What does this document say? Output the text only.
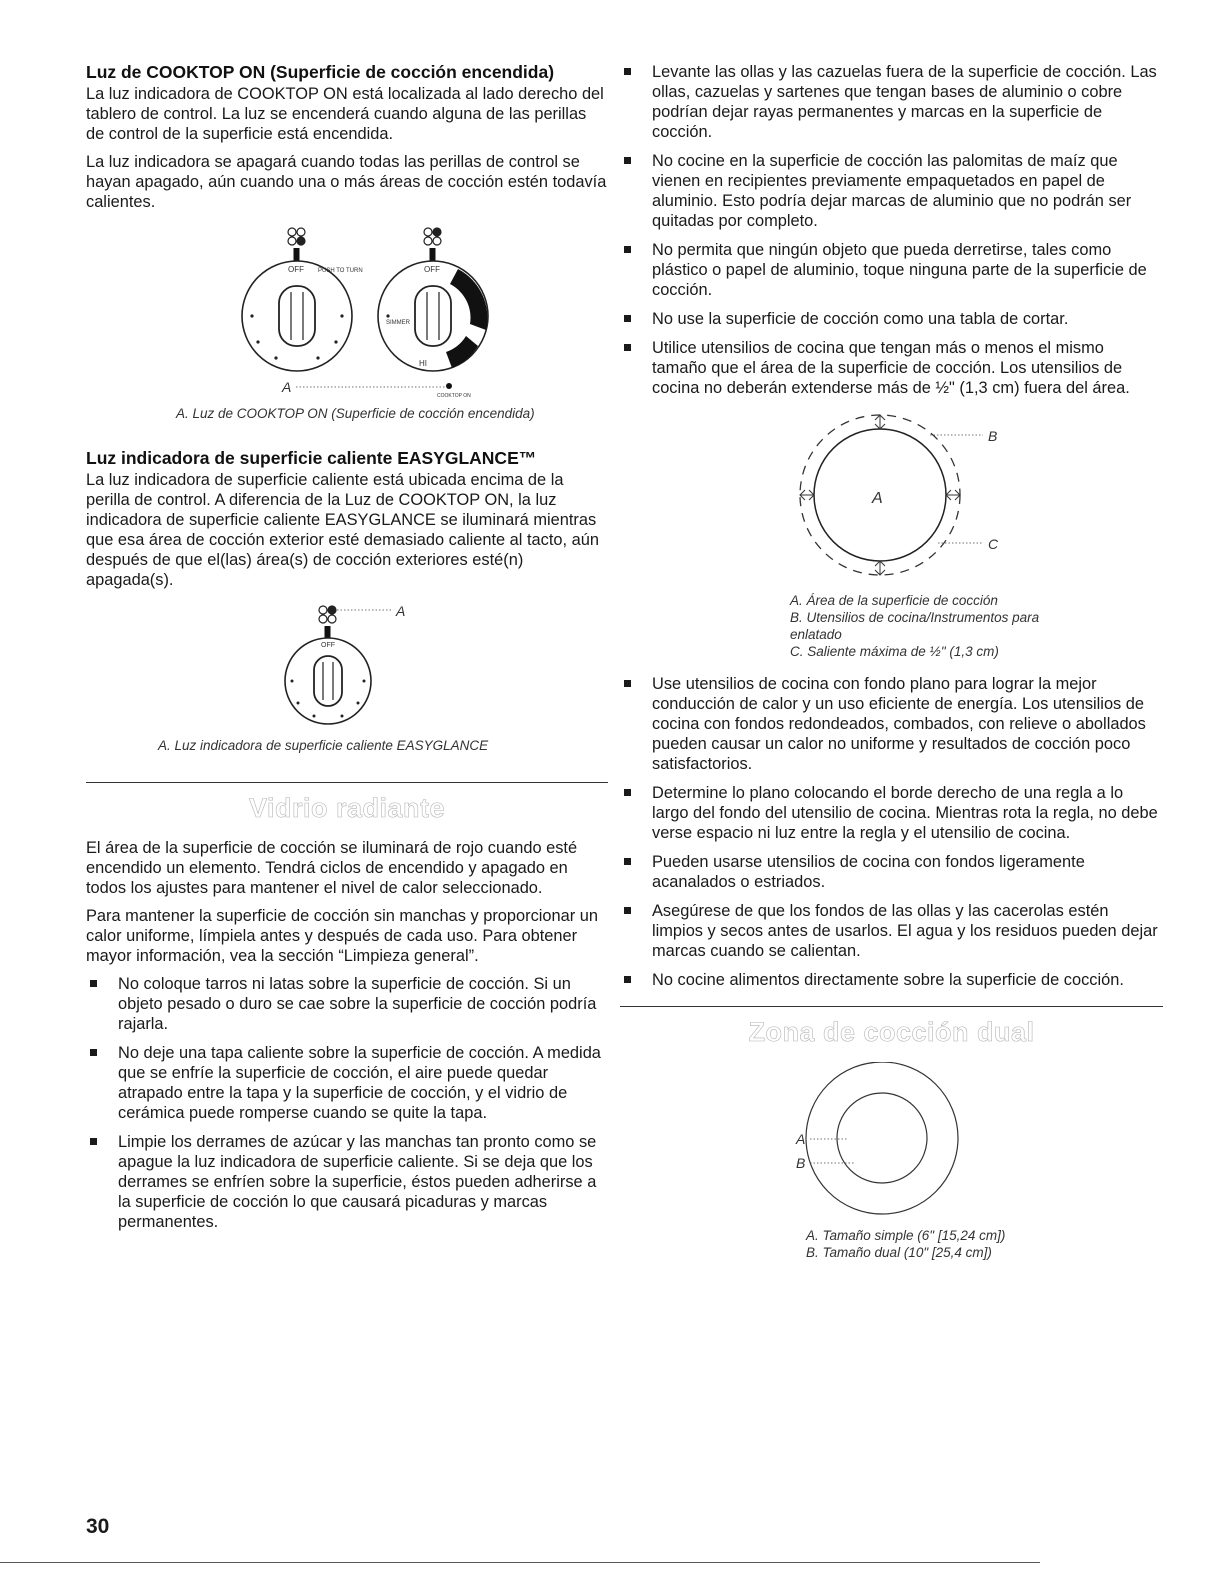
Luz de COOKTOP ON (Superficie de cocción encendida)

La luz indicadora de COOKTOP ON está localizada al lado derecho del tablero de control. La luz se encenderá cuando alguna de las perillas de control de la superficie está encendida.

La luz indicadora se apagará cuando todas las perillas de control se hayan apagado, aún cuando una o más áreas de cocción estén todavía calientes.

OFF PUSH TO TURN	OFF
SIMMER
HI
A
COOKTOP ON
A. Luz de COOKTOP ON (Superficie de cocción encendida)
Luz indicadora de superficie caliente EASYGLANCE™

La luz indicadora de superficie caliente está ubicada encima de la perilla de control. A diferencia de la Luz de COOKTOP ON, la luz indicadora de superficie caliente EASYGLANCE se iluminará mientras que esa área de cocción exterior esté demasiado caliente al tacto, aún después de que el(las) área(s) de cocción exteriores esté(n) apagada(s).

A
OFF
A. Luz indicadora de superficie caliente EASYGLANCE
Vidrio radiante

El área de la superficie de cocción se iluminará de rojo cuando esté encendido un elemento. Tendrá ciclos de encendido y apagado en todos los ajustes para mantener el nivel de calor seleccionado.

Para mantener la superficie de cocción sin manchas y proporcionar un calor uniforme, límpiela antes y después de cada uso. Para obtener mayor información, vea la sección “Limpieza general”.

No coloque tarros ni latas sobre la superficie de cocción. Si un objeto pesado o duro se cae sobre la superficie de cocción podría rajarla.
No deje una tapa caliente sobre la superficie de cocción. A medida que se enfríe la superficie de cocción, el aire puede quedar atrapado entre la tapa y la superficie de cocción, y el vidrio de cerámica puede romperse cuando se quite la tapa.
Limpie los derrames de azúcar y las manchas tan pronto como se apague la luz indicadora de superficie caliente. Si se deja que los derrames se enfríen sobre la superficie, éstos pueden adherirse a la superficie de cocción lo que causará picaduras y marcas permanentes.
Levante las ollas y las cazuelas fuera de la superficie de cocción. Las ollas, cazuelas y sartenes que tengan bases de aluminio o cobre podrían dejar rayas permanentes y marcas en la superficie de cocción.
No cocine en la superficie de cocción las palomitas de maíz que vienen en recipientes previamente empaquetados en papel de aluminio. Esto podría dejar marcas de aluminio que no podrán ser quitadas por completo.
No permita que ningún objeto que pueda derretirse, tales como plástico o papel de aluminio, toque ninguna parte de la superficie de cocción.
No use la superficie de cocción como una tabla de cortar.
Utilice utensilios de cocina que tengan más o menos el mismo tamaño que el área de la superficie de cocción. Los utensilios de cocina no deberán extenderse más de ½" (1,3 cm) fuera del área.
A
B
C
A. Área de la superficie de cocción
B. Utensilios de cocina/Instrumentos para enlatado
C. Saliente máxima de ½" (1,3 cm)
Use utensilios de cocina con fondo plano para lograr la mejor conducción de calor y un uso eficiente de energía. Los utensilios de cocina con fondos redondeados, combados, con relieve o abollados pueden causar un calor no uniforme y resultados de cocción poco satisfactorios.
Determine lo plano colocando el borde derecho de una regla a lo largo del fondo del utensilio de cocina. Mientras rota la regla, no debe verse espacio ni luz entre la regla y el utensilio de cocina.
Pueden usarse utensilios de cocina con fondos ligeramente acanalados o estriados.
Asegúrese de que los fondos de las ollas y las cacerolas estén limpios y secos antes de usarlos. El agua y los residuos pueden dejar marcas cuando se calientan.
No cocine alimentos directamente sobre la superficie de cocción.
Zona de cocción dual
A
B
A. Tamaño simple (6" [15,24 cm])
B. Tamaño dual (10" [25,4 cm])
30
